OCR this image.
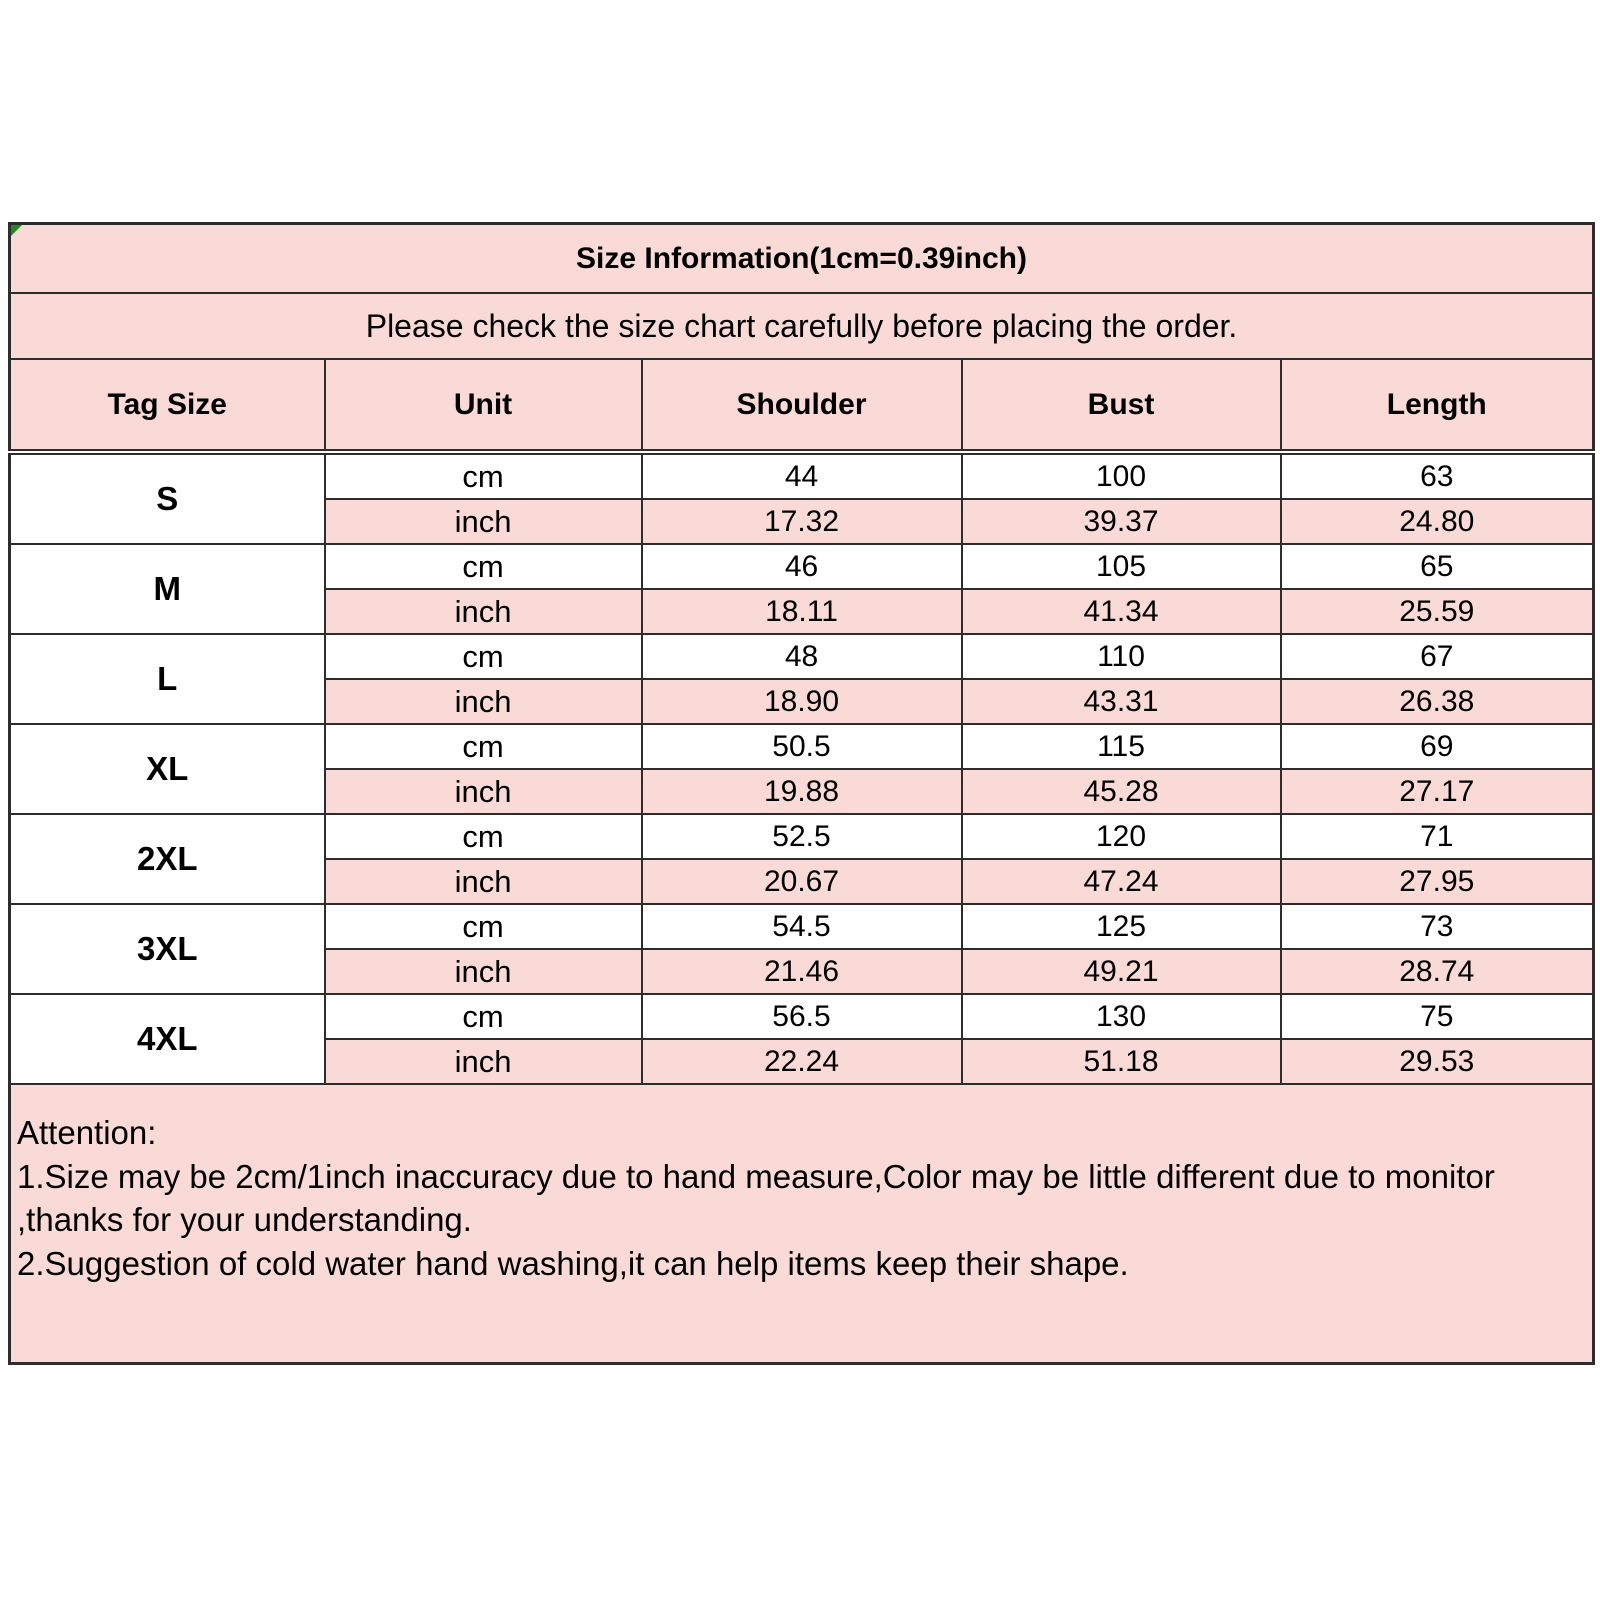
Size Information(1cm=0.39inch)				
Please check the size chart carefully before placing the order.				
Tag Size	Unit	Shoulder	Bust	Length
S	cm	44	100	63
	inch	17.32	39.37	24.80
M	cm	46	105	65
	inch	18.11	41.34	25.59
L	cm	48	110	67
	inch	18.90	43.31	26.38
XL	cm	50.5	115	69
	inch	19.88	45.28	27.17
2XL	cm	52.5	120	71
	inch	20.67	47.24	27.95
3XL	cm	54.5	125	73
	inch	21.46	49.21	28.74
4XL	cm	56.5	130	75
	inch	22.24	51.18	29.53

Attention:
1.Size may be 2cm/1inch inaccuracy due to hand measure,Color may be little different due to monitor
,thanks for your understanding.
2.Suggestion of cold water hand washing,it can help items keep their shape.				
